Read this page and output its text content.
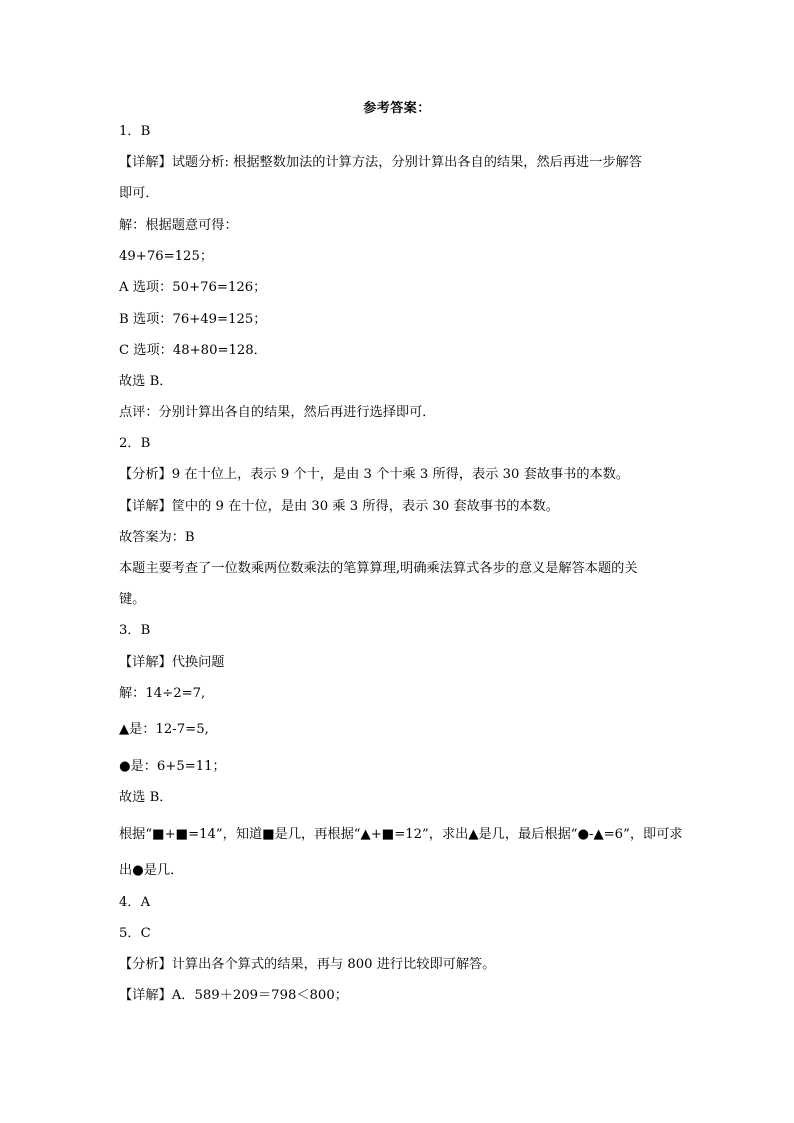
参考答案：
1．B
【详解】试题分析: 根据整数加法的计算方法，分别计算出各自的结果，然后再进一步解答
即可．
解：根据题意可得：
49+76=125；
A 选项：50+76=126；
B 选项：76+49=125；
C 选项：48+80=128．
故选 B．
点评：分别计算出各自的结果，然后再进行选择即可．
2．B
【分析】9 在十位上，表示 9 个十，是由 3 个十乘 3 所得，表示 30 套故事书的本数。
【详解】筐中的 9 在十位，是由 30 乘 3 所得，表示 30 套故事书的本数。
故答案为：B
本题主要考查了一位数乘两位数乘法的笔算算理,明确乘法算式各步的意义是解答本题的关
键。
3．B
【详解】代换问题
解：14÷2=7,
▲是：12-7=5,
●是：6+5=11；
故选 B．
根据“■+■=14”，知道■是几，再根据“▲+■=12”，求出▲是几，最后根据“●-▲=6”，即可求
出●是几．
4．A
5．C
【分析】计算出各个算式的结果，再与 800 进行比较即可解答。
【详解】A．589＋209＝798＜800；
